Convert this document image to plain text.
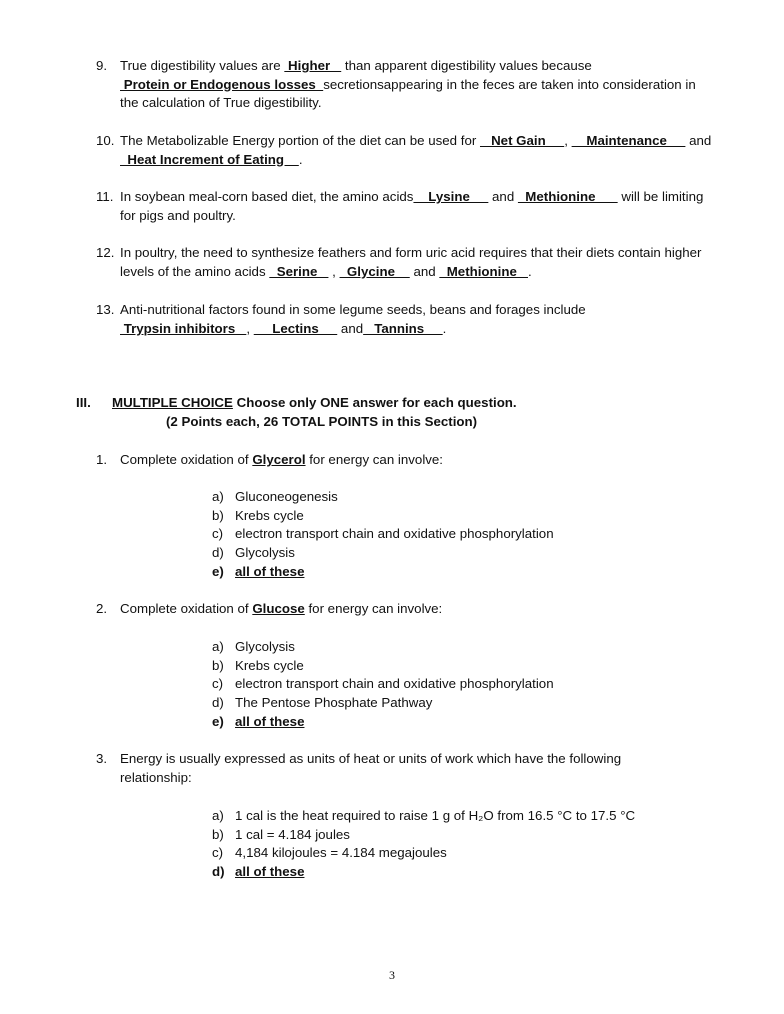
9. True digestibility values are  Higher    than apparent digestibility values because  Protein or Endogenous losses  secretionsappearing in the feces are taken into consideration in the calculation of True digestibility.
10. The Metabolizable Energy portion of the diet can be used for    Net Gain     ,     Maintenance      and   Heat Increment of Eating    .
11. In soybean meal-corn based diet, the amino acids    Lysine      and   Methionine       will be limiting for pigs and poultry.
12. In poultry, the need to synthesize feathers and form uric acid requires that their diets contain higher levels of the amino acids   Serine    ,   Glycine     and   Methionine   .
13. Anti-nutritional factors found in some legume seeds, beans and forages include  Trypsin inhibitors   ,      Lectins      and   Tannins     .
III. MULTIPLE CHOICE Choose only ONE answer for each question.
(2 Points each, 26 TOTAL POINTS in this Section)
1. Complete oxidation of Glycerol for energy can involve:
a) Gluconeogenesis
b) Krebs cycle
c) electron transport chain and oxidative phosphorylation
d) Glycolysis
e) all of these
2. Complete oxidation of Glucose for energy can involve:
a) Glycolysis
b) Krebs cycle
c) electron transport chain and oxidative phosphorylation
d) The Pentose Phosphate Pathway
e) all of these
3. Energy is usually expressed as units of heat or units of work which have the following relationship:
a) 1 cal is the heat required to raise 1 g of H₂O from 16.5 °C to 17.5 °C
b) 1 cal = 4.184 joules
c) 4,184 kilojoules = 4.184 megajoules
d) all of these
3
